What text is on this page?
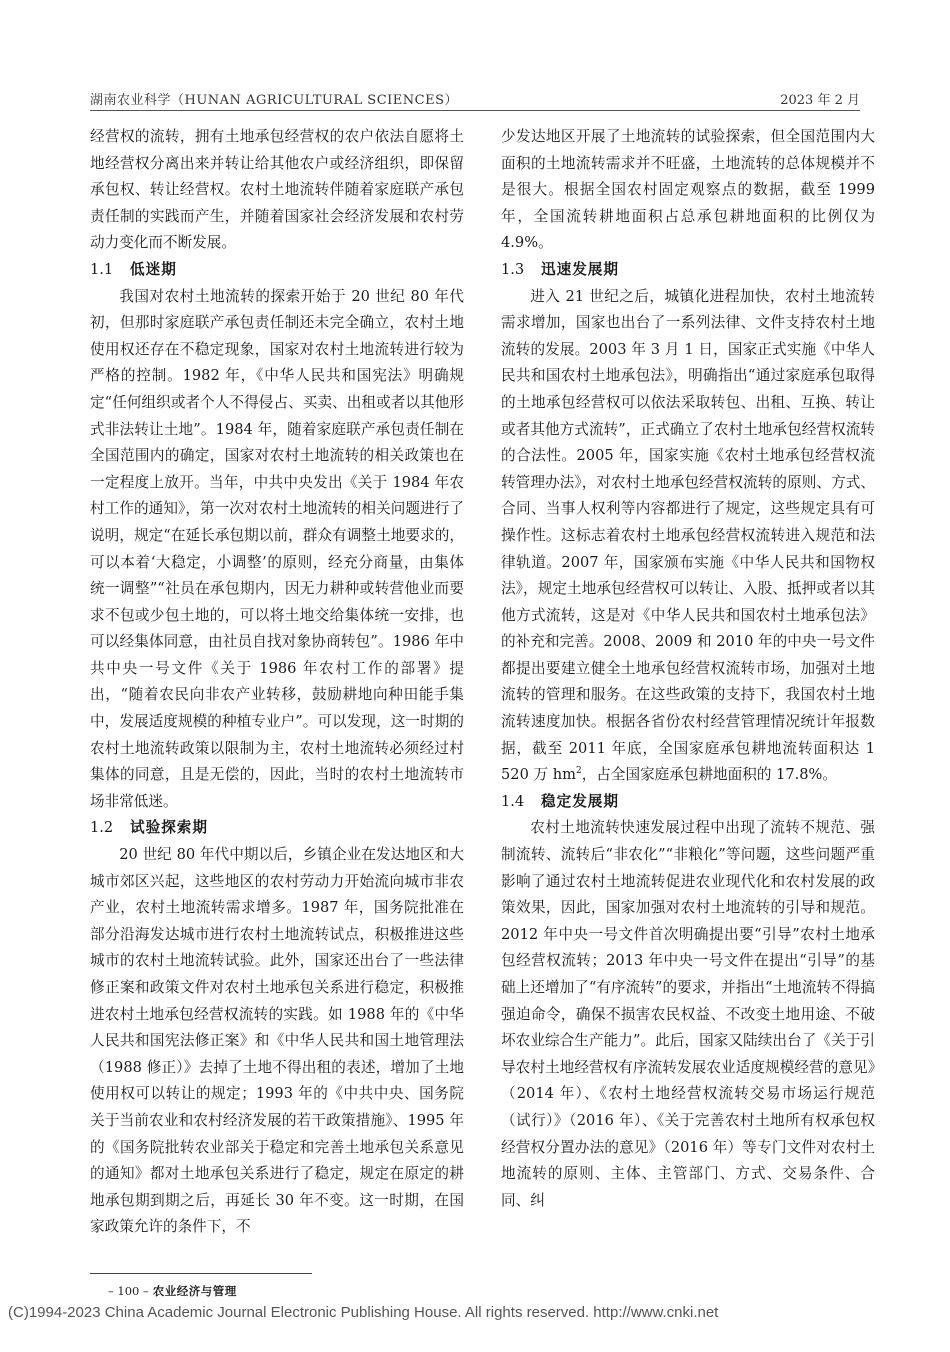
湖南农业科学（HUNAN AGRICULTURAL SCIENCES）	2023 年 2 月

经营权的流转，拥有土地承包经营权的农户依法自愿将土地经营权分离出来并转让给其他农户或经济组织，即保留承包权、转让经营权。农村土地流转伴随着家庭联产承包责任制的实践而产生，并随着国家社会经济发展和农村劳动力变化而不断发展。

1.1 低迷期

我国对农村土地流转的探索开始于 20 世纪 80 年代初，但那时家庭联产承包责任制还未完全确立，农村土地使用权还存在不稳定现象，国家对农村土地流转进行较为严格的控制。1982 年，《中华人民共和国宪法》明确规定“任何组织或者个人不得侵占、买卖、出租或者以其他形式非法转让土地”。1984 年，随着家庭联产承包责任制在全国范围内的确定，国家对农村土地流转的相关政策也在一定程度上放开。当年，中共中央发出《关于 1984 年农村工作的通知》，第一次对农村土地流转的相关问题进行了说明，规定“在延长承包期以前，群众有调整土地要求的，可以本着‘大稳定，小调整’的原则，经充分商量，由集体统一调整”“社员在承包期内，因无力耕种或转营他业而要求不包或少包土地的，可以将土地交给集体统一安排，也可以经集体同意，由社员自找对象协商转包”。1986 年中共中央一号文件《关于 1986 年农村工作的部署》提出，“随着农民向非农产业转移，鼓励耕地向种田能手集中，发展适度规模的种植专业户”。可以发现，这一时期的农村土地流转政策以限制为主，农村土地流转必须经过村集体的同意，且是无偿的，因此，当时的农村土地流转市场非常低迷。

1.2 试验探索期

20 世纪 80 年代中期以后，乡镇企业在发达地区和大城市郊区兴起，这些地区的农村劳动力开始流向城市非农产业，农村土地流转需求增多。1987 年，国务院批准在部分沿海发达城市进行农村土地流转试点，积极推进这些城市的农村土地流转试验。此外，国家还出台了一些法律修正案和政策文件对农村土地承包关系进行稳定，积极推进农村土地承包经营权流转的实践。如 1988 年的《中华人民共和国宪法修正案》和《中华人民共和国土地管理法（1988 修正）》去掉了土地不得出租的表述，增加了土地使用权可以转让的规定；1993 年的《中共中央、国务院关于当前农业和农村经济发展的若干政策措施》、1995 年的《国务院批转农业部关于稳定和完善土地承包关系意见的通知》都对土地承包关系进行了稳定，规定在原定的耕地承包期到期之后，再延长 30 年不变。这一时期，在国家政策允许的条件下，不

少发达地区开展了土地流转的试验探索，但全国范围内大面积的土地流转需求并不旺盛，土地流转的总体规模并不是很大。根据全国农村固定观察点的数据，截至 1999 年，全国流转耕地面积占总承包耕地面积的比例仅为 4.9%。

1.3 迅速发展期

进入 21 世纪之后，城镇化进程加快，农村土地流转需求增加，国家也出台了一系列法律、文件支持农村土地流转的发展。2003 年 3 月 1 日，国家正式实施《中华人民共和国农村土地承包法》，明确指出“通过家庭承包取得的土地承包经营权可以依法采取转包、出租、互换、转让或者其他方式流转”，正式确立了农村土地承包经营权流转的合法性。2005 年，国家实施《农村土地承包经营权流转管理办法》，对农村土地承包经营权流转的原则、方式、合同、当事人权利等内容都进行了规定，这些规定具有可操作性。这标志着农村土地承包经营权流转进入规范和法律轨道。2007 年，国家颁布实施《中华人民共和国物权法》，规定土地承包经营权可以转让、入股、抵押或者以其他方式流转，这是对《中华人民共和国农村土地承包法》的补充和完善。2008、2009 和 2010 年的中央一号文件都提出要建立健全土地承包经营权流转市场，加强对土地流转的管理和服务。在这些政策的支持下，我国农村土地流转速度加快。根据各省份农村经营管理情况统计年报数据，截至 2011 年底，全国家庭承包耕地流转面积达 1 520 万 $hm^2$，占全国家庭承包耕地面积的 17.8%。

1.4 稳定发展期

农村土地流转快速发展过程中出现了流转不规范、强制流转、流转后“非农化”“非粮化”等问题，这些问题严重影响了通过农村土地流转促进农业现代化和农村发展的政策效果，因此，国家加强对农村土地流转的引导和规范。2012 年中央一号文件首次明确提出要“引导”农村土地承包经营权流转；2013 年中央一号文件在提出“引导”的基础上还增加了“有序流转”的要求，并指出“土地流转不得搞强迫命令，确保不损害农民权益、不改变土地用途、不破坏农业综合生产能力”。此后，国家又陆续出台了《关于引导农村土地经营权有序流转发展农业适度规模经营的意见》（2014 年）、《农村土地经营权流转交易市场运行规范（试行）》（2016 年）、《关于完善农村土地所有权承包权经营权分置办法的意见》（2016 年）等专门文件对农村土地流转的原则、主体、主管部门、方式、交易条件、合同、纠

– 100 – 农业经济与管理
(C)1994-2023 China Academic Journal Electronic Publishing House. All rights reserved. http://www.cnki.net
